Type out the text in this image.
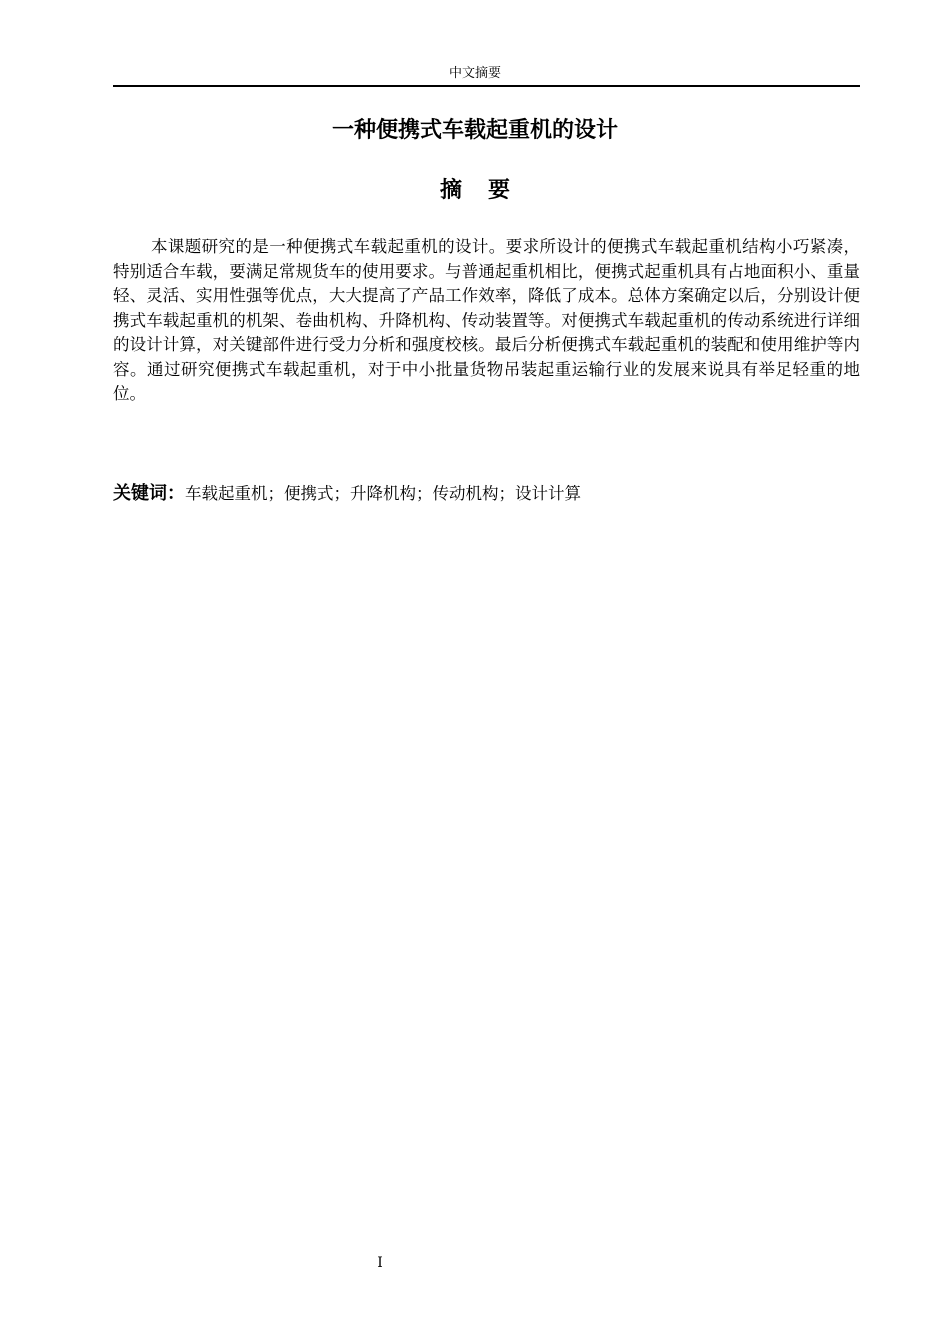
中文摘要
一种便携式车载起重机的设计
摘要

本课题研究的是一种便携式车载起重机的设计。要求所设计的便携式车载起重机结构小巧紧凑，特别适合车载，要满足常规货车的使用要求。与普通起重机相比，便携式起重机具有占地面积小、重量轻、灵活、实用性强等优点，大大提高了产品工作效率，降低了成本。总体方案确定以后，分别设计便携式车载起重机的机架、卷曲机构、升降机构、传动装置等。对便携式车载起重机的传动系统进行详细的设计计算，对关键部件进行受力分析和强度校核。最后分析便携式车载起重机的装配和使用维护等内容。通过研究便携式车载起重机，对于中小批量货物吊装起重运输行业的发展来说具有举足轻重的地位。

关键词：车载起重机；便携式；升降机构；传动机构；设计计算

I
